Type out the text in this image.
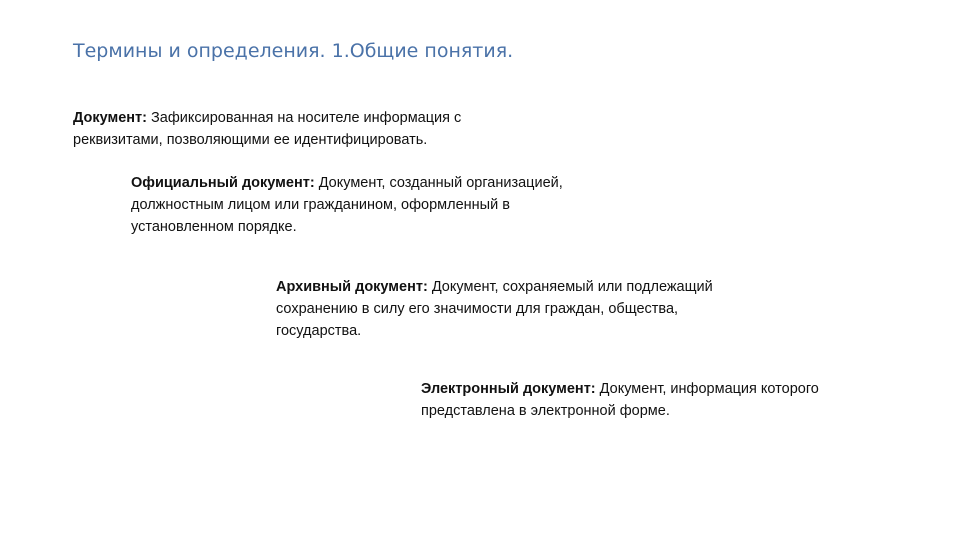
Термины и определения. 1.Общие понятия.

Документ: Зафиксированная на носителе информация с реквизитами, позволяющими ее идентифицировать.

Официальный документ: Документ, созданный организацией, должностным лицом или гражданином, оформленный в установленном порядке.

Архивный документ: Документ, сохраняемый или подлежащий сохранению в силу его значимости для граждан, общества, государства.

Электронный документ: Документ, информация которого представлена в электронной форме.
